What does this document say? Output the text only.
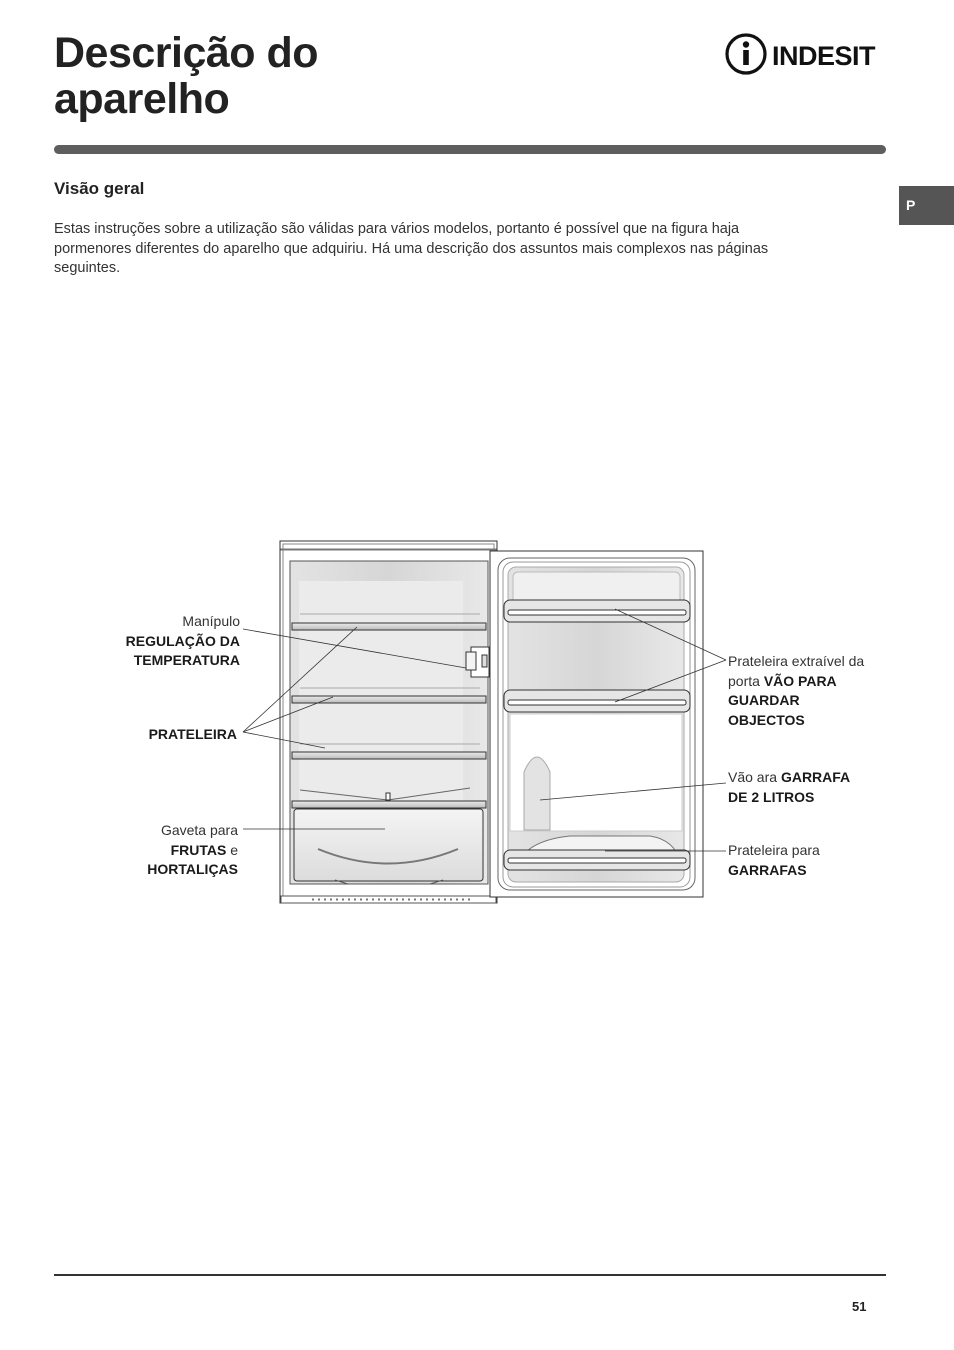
Descrição do
aparelho
INDESIT
P
Visão geral

Estas instruções sobre a utilização são válidas para vários modelos, portanto é possível que na figura haja
pormenores diferentes do aparelho que adquiriu. Há uma descrição dos assuntos mais complexos nas páginas
seguintes.

Manípulo
REGULAÇÃO DA
TEMPERATURA
PRATELEIRA
Gaveta para
FRUTAS e
HORTALIÇAS
Prateleira extraível da
porta VÃO PARA
GUARDAR
OBJECTOS
Vão ara GARRAFA
DE 2 LITROS
Prateleira para
GARRAFAS
51
